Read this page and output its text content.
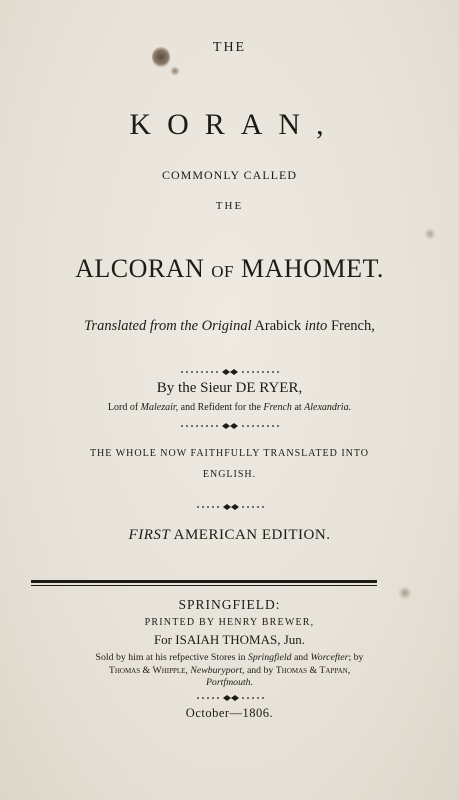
THE
KORAN,
COMMONLY CALLED
THE
ALCORAN OF MAHOMET.
Translated from the Original Arabick into French,
By the Sieur DE RYER,
Lord of Malezair, and Refident for the French at Alexandria.
THE WHOLE NOW FAITHFULLY TRANSLATED INTO
ENGLISH.
FIRST AMERICAN EDITION.
SPRINGFIELD:
PRINTED BY HENRY BREWER,
For ISAIAH THOMAS, Jun.
Sold by him at his refpective Stores in Springfield and Worcefter; by
Thomas & Whipple, Newburyport, and by Thomas & Tappan,
Portfmouth.
October—1806.
